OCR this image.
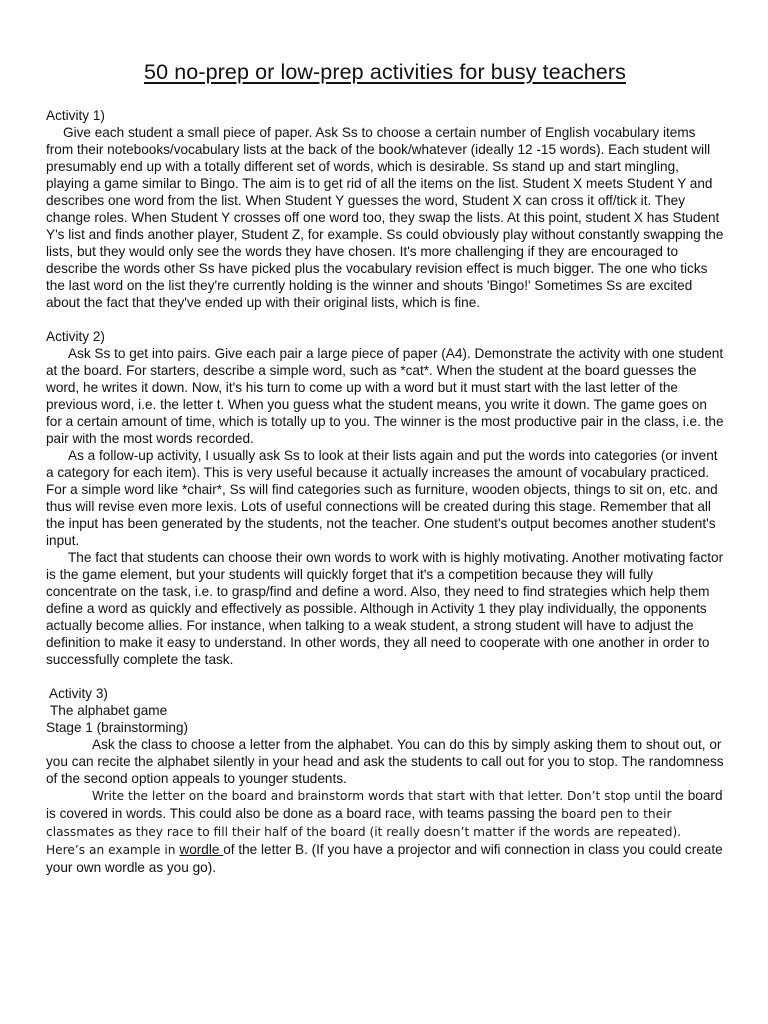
50 no-prep or low-prep activities for busy teachers
Activity 1)
Give each student a small piece of paper. Ask Ss to choose a certain number of English vocabulary items from their notebooks/vocabulary lists at the back of the book/whatever (ideally 12 -15 words). Each student will presumably end up with a totally different set of words, which is desirable. Ss stand up and start mingling, playing a game similar to Bingo. The aim is to get rid of all the items on the list. Student X meets Student Y and describes one word from the list. When Student Y guesses the word, Student X can cross it off/tick it. They change roles. When Student Y crosses off one word too, they swap the lists. At this point, student X has Student Y's list and finds another player, Student Z, for example. Ss could obviously play without constantly swapping the lists, but they would only see the words they have chosen. It's more challenging if they are encouraged to describe the words other Ss have picked plus the vocabulary revision effect is much bigger. The one who ticks the last word on the list they're currently holding is the winner and shouts 'Bingo!' Sometimes Ss are excited about the fact that they've ended up with their original lists, which is fine.
Activity 2)
Ask Ss to get into pairs. Give each pair a large piece of paper (A4). Demonstrate the activity with one student at the board. For starters, describe a simple word, such as *cat*. When the student at the board guesses the word, he writes it down. Now, it's his turn to come up with a word but it must start with the last letter of the previous word, i.e. the letter t. When you guess what the student means, you write it down. The game goes on for a certain amount of time, which is totally up to you. The winner is the most productive pair in the class, i.e. the pair with the most words recorded.
As a follow-up activity, I usually ask Ss to look at their lists again and put the words into categories (or invent a category for each item). This is very useful because it actually increases the amount of vocabulary practiced. For a simple word like *chair*, Ss will find categories such as furniture, wooden objects, things to sit on, etc. and thus will revise even more lexis. Lots of useful connections will be created during this stage. Remember that all the input has been generated by the students, not the teacher. One student's output becomes another student's input.
The fact that students can choose their own words to work with is highly motivating. Another motivating factor is the game element, but your students will quickly forget that it's a competition because they will fully concentrate on the task, i.e. to grasp/find and define a word. Also, they need to find strategies which help them define a word as quickly and effectively as possible. Although in Activity 1 they play individually, the opponents actually become allies. For instance, when talking to a weak student, a strong student will have to adjust the definition to make it easy to understand. In other words, they all need to cooperate with one another in order to successfully complete the task.
Activity 3)
The alphabet game
Stage 1 (brainstorming)
Ask the class to choose a letter from the alphabet. You can do this by simply asking them to shout out, or you can recite the alphabet silently in your head and ask the students to call out for you to stop. The randomness of the second option appeals to younger students.
Write the letter on the board and brainstorm words that start with that letter. Don’t stop until the board is covered in words. This could also be done as a board race, with teams passing the board pen to their classmates as they race to fill their half of the board (it really doesn’t matter if the words are repeated). Here’s an example in wordle of the letter B. (If you have a projector and wifi connection in class you could create your own wordle as you go).
